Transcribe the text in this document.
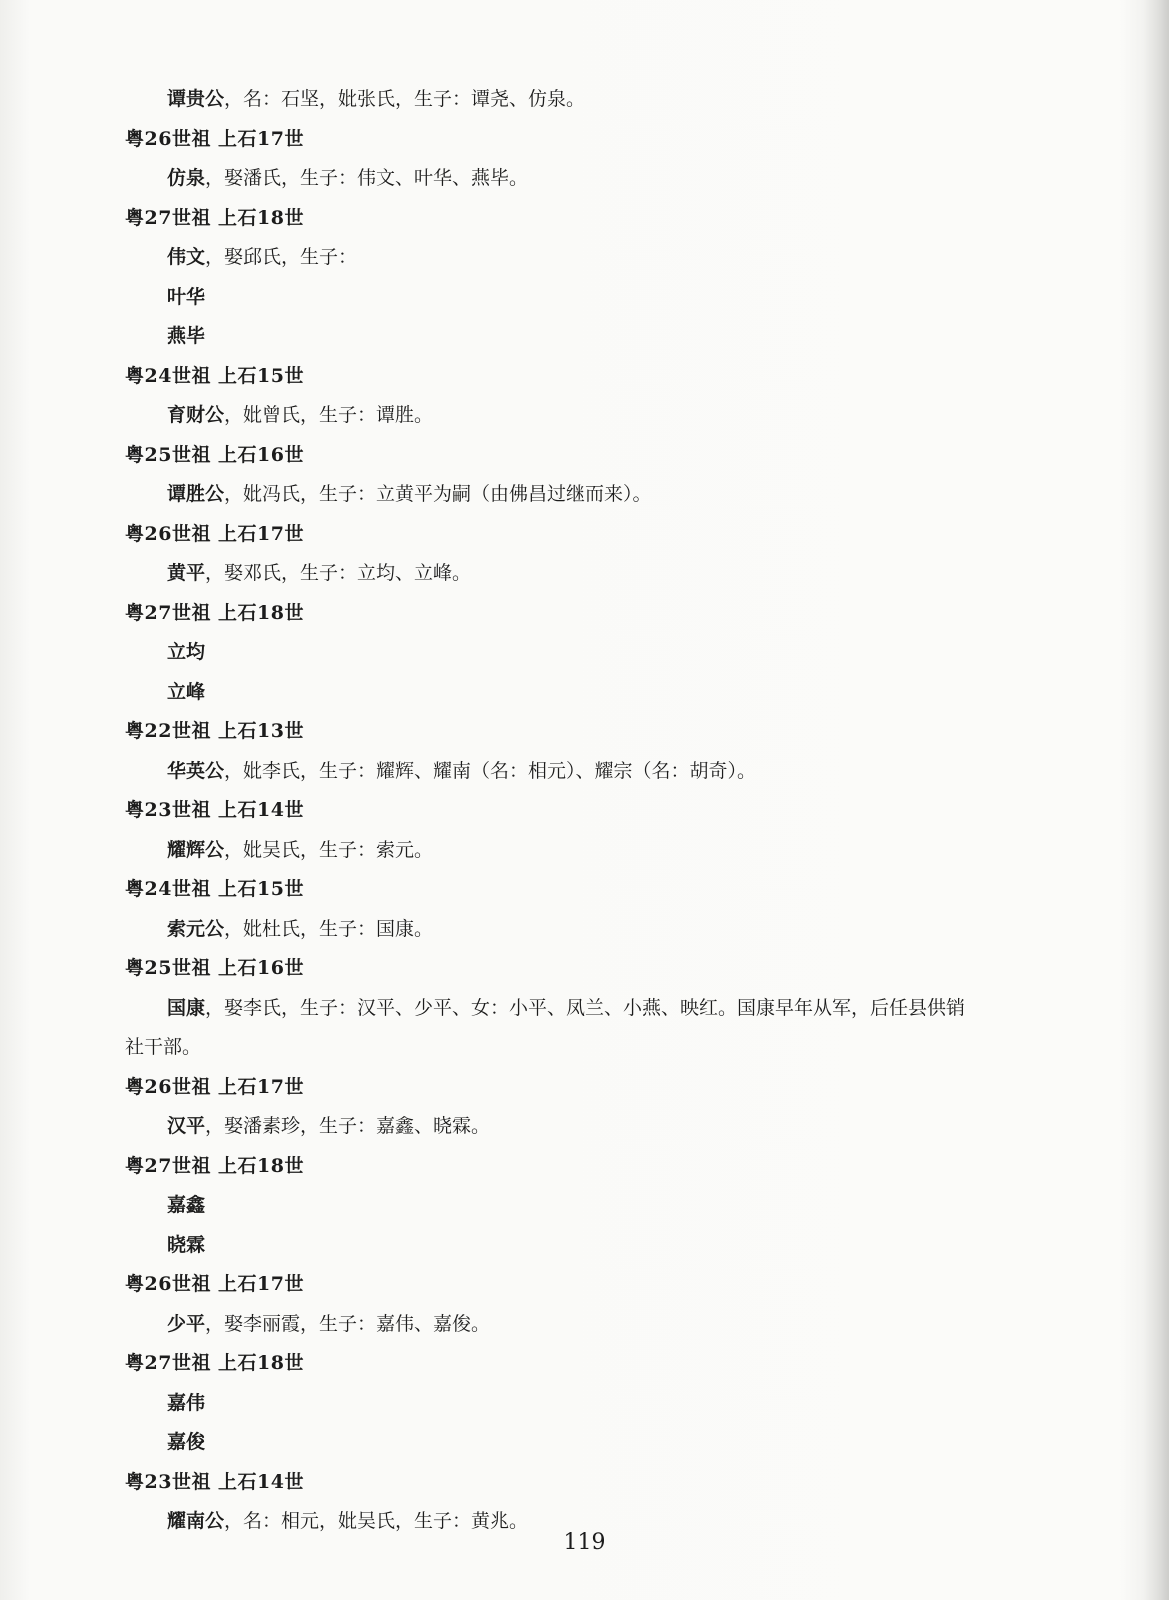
谭贵公，名：石坚，妣张氏，生子：谭尧、仿泉。
粤26世祖 上石17世
仿泉，娶潘氏，生子：伟文、叶华、燕毕。
粤27世祖 上石18世
伟文，娶邱氏，生子：
叶华
燕毕
粤24世祖 上石15世
育财公，妣曾氏，生子：谭胜。
粤25世祖 上石16世
谭胜公，妣冯氏，生子：立黄平为嗣（由佛昌过继而来）。
粤26世祖 上石17世
黄平，娶邓氏，生子：立均、立峰。
粤27世祖 上石18世
立均
立峰
粤22世祖 上石13世
华英公，妣李氏，生子：耀辉、耀南（名：相元）、耀宗（名：胡奇）。
粤23世祖 上石14世
耀辉公，妣吴氏，生子：索元。
粤24世祖 上石15世
索元公，妣杜氏，生子：国康。
粤25世祖 上石16世
国康，娶李氏，生子：汉平、少平、女：小平、凤兰、小燕、映红。国康早年从军，后任县供销
社干部。
粤26世祖 上石17世
汉平，娶潘素珍，生子：嘉鑫、晓霖。
粤27世祖 上石18世
嘉鑫
晓霖
粤26世祖 上石17世
少平，娶李丽霞，生子：嘉伟、嘉俊。
粤27世祖 上石18世
嘉伟
嘉俊
粤23世祖 上石14世
耀南公，名：相元，妣吴氏，生子：黄兆。
119
